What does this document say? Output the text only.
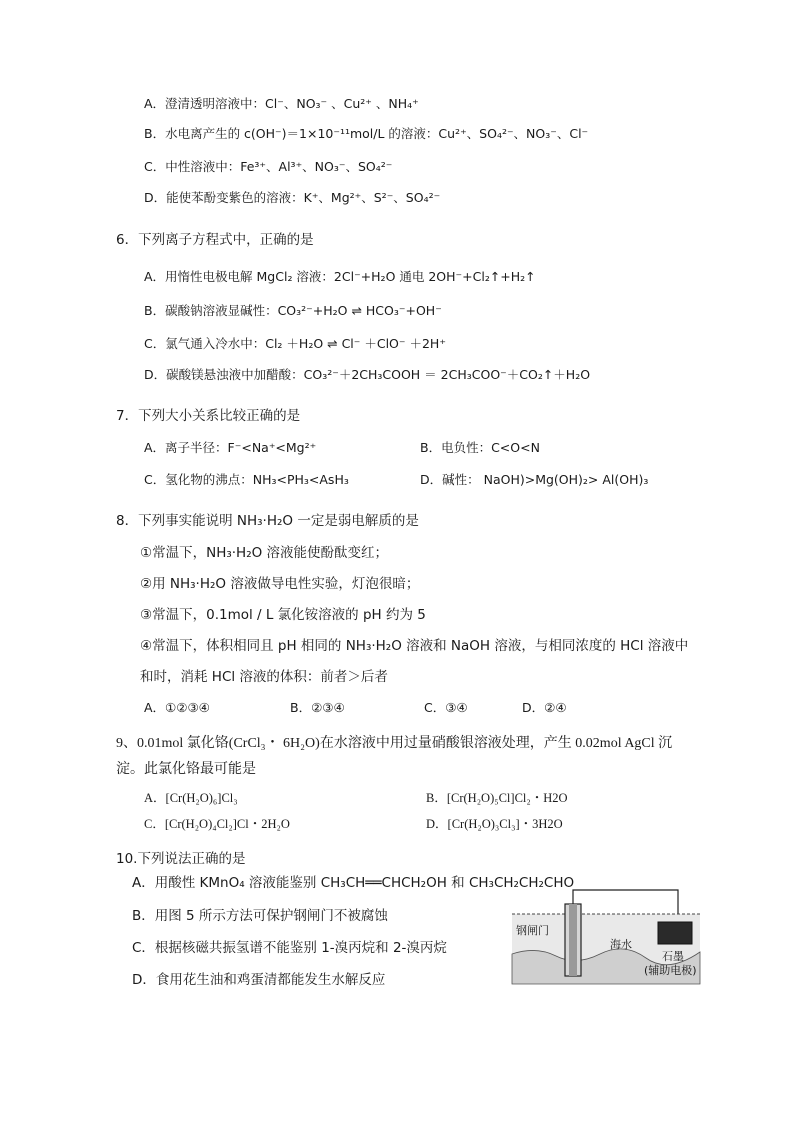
A．澄清透明溶液中：Cl⁻、NO₃⁻ 、Cu²⁺ 、NH₄⁺
B．水电离产生的 c(OH⁻)＝1×10⁻¹¹mol/L 的溶液：Cu²⁺、SO₄²⁻、NO₃⁻、Cl⁻
C．中性溶液中：Fe³⁺、Al³⁺、NO₃⁻、SO₄²⁻
D．能使苯酚变紫色的溶液：K⁺、Mg²⁺、S²⁻、SO₄²⁻
6．下列离子方程式中，正确的是
A．用惰性电极电解 MgCl₂ 溶液：2Cl⁻+H₂O 通电 2OH⁻+Cl₂↑+H₂↑
B．碳酸钠溶液显碱性：CO₃²⁻+H₂O ⇌ HCO₃⁻+OH⁻
C．氯气通入冷水中：Cl₂ ＋H₂O ⇌ Cl⁻ ＋ClO⁻ ＋2H⁺
D．碳酸镁悬浊液中加醋酸：CO₃²⁻＋2CH₃COOH ＝ 2CH₃COO⁻＋CO₂↑＋H₂O
7．下列大小关系比较正确的是
A．离子半径：F⁻<Na⁺<Mg²⁺	B．电负性：C<O<N
C．氢化物的沸点：NH₃<PH₃<AsH₃	D．碱性： NaOH)>Mg(OH)₂> Al(OH)₃
8．下列事实能说明 NH₃·H₂O 一定是弱电解质的是
①常温下，NH₃·H₂O 溶液能使酚酞变红；
②用 NH₃·H₂O 溶液做导电性实验，灯泡很暗；
③常温下，0.1mol / L 氯化铵溶液的 pH 约为 5
④常温下，体积相同且 pH 相同的 NH₃·H₂O 溶液和 NaOH 溶液，与相同浓度的 HCl 溶液中
和时，消耗 HCl 溶液的体积：前者＞后者
A．①②③④	B．②③④	C．③④	D．②④
9、0.01mol 氯化铬(CrCl₃・ 6H₂O)在水溶液中用过量硝酸银溶液处理，产生 0.02mol AgCl 沉
淀。此氯化铬最可能是
A．[Cr(H₂O)₆]Cl₃	B．[Cr(H₂O)₅Cl]Cl₂・H2O
C．[Cr(H₂O)₄Cl₂]Cl・2H₂O	D．[Cr(H₂O)₃Cl₃]・3H2O
10.下列说法正确的是
A．用酸性 KMnO₄ 溶液能鉴别 CH₃CH══CHCH₂OH 和 CH₃CH₂CH₂CHO
B．用图 5 所示方法可保护钢闸门不被腐蚀
C．根据核磁共振氢谱不能鉴别 1-溴丙烷和 2-溴丙烷
D．食用花生油和鸡蛋清都能发生水解反应
钢闸门
海水
石墨
(辅助电极)
